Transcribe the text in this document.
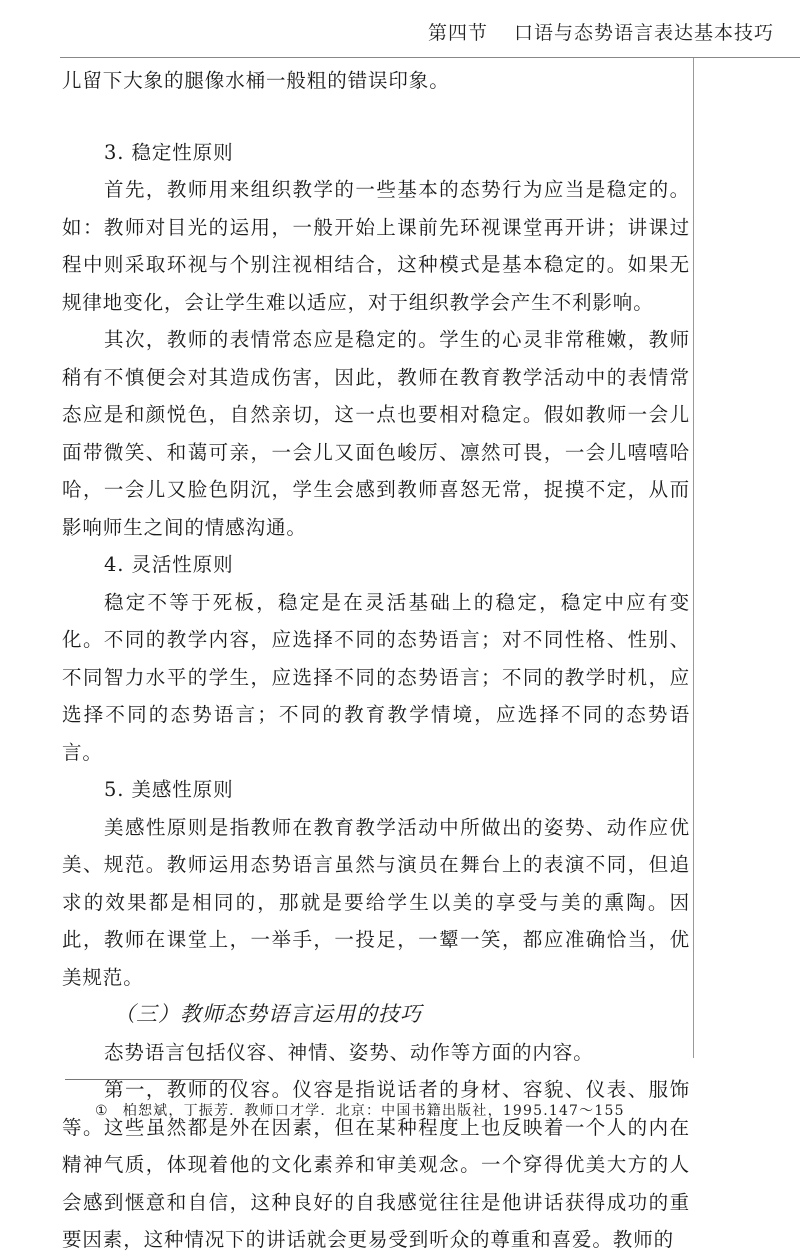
第四节 口语与态势语言表达基本技巧

儿留下大象的腿像水桶一般粗的错误印象。

3. 稳定性原则

首先，教师用来组织教学的一些基本的态势行为应当是稳定的。如：教师对目光的运用，一般开始上课前先环视课堂再开讲；讲课过程中则采取环视与个别注视相结合，这种模式是基本稳定的。如果无规律地变化，会让学生难以适应，对于组织教学会产生不利影响。

其次，教师的表情常态应是稳定的。学生的心灵非常稚嫩，教师稍有不慎便会对其造成伤害，因此，教师在教育教学活动中的表情常态应是和颜悦色，自然亲切，这一点也要相对稳定。假如教师一会儿面带微笑、和蔼可亲，一会儿又面色峻厉、凛然可畏，一会儿嘻嘻哈哈，一会儿又脸色阴沉，学生会感到教师喜怒无常，捉摸不定，从而影响师生之间的情感沟通。

4. 灵活性原则

稳定不等于死板，稳定是在灵活基础上的稳定，稳定中应有变化。不同的教学内容，应选择不同的态势语言；对不同性格、性别、不同智力水平的学生，应选择不同的态势语言；不同的教学时机，应选择不同的态势语言；不同的教育教学情境，应选择不同的态势语言。

5. 美感性原则

美感性原则是指教师在教育教学活动中所做出的姿势、动作应优美、规范。教师运用态势语言虽然与演员在舞台上的表演不同，但追求的效果都是相同的，那就是要给学生以美的享受与美的熏陶。因此，教师在课堂上，一举手，一投足，一颦一笑，都应准确恰当，优美规范。

（三）教师态势语言运用的技巧

态势语言包括仪容、神情、姿势、动作等方面的内容。

第一，教师的仪容。仪容是指说话者的身材、容貌、仪表、服饰等。这些虽然都是外在因素，但在某种程度上也反映着一个人的内在精神气质，体现着他的文化素养和审美观念。一个穿得优美大方的人会感到惬意和自信，这种良好的自我感觉往往是他讲话获得成功的重要因素，这种情况下的讲话就会更易受到听众的尊重和喜爱。教师的

① 柏恕斌，丁振芳．教师口才学．北京：中国书籍出版社，1995.147～155
